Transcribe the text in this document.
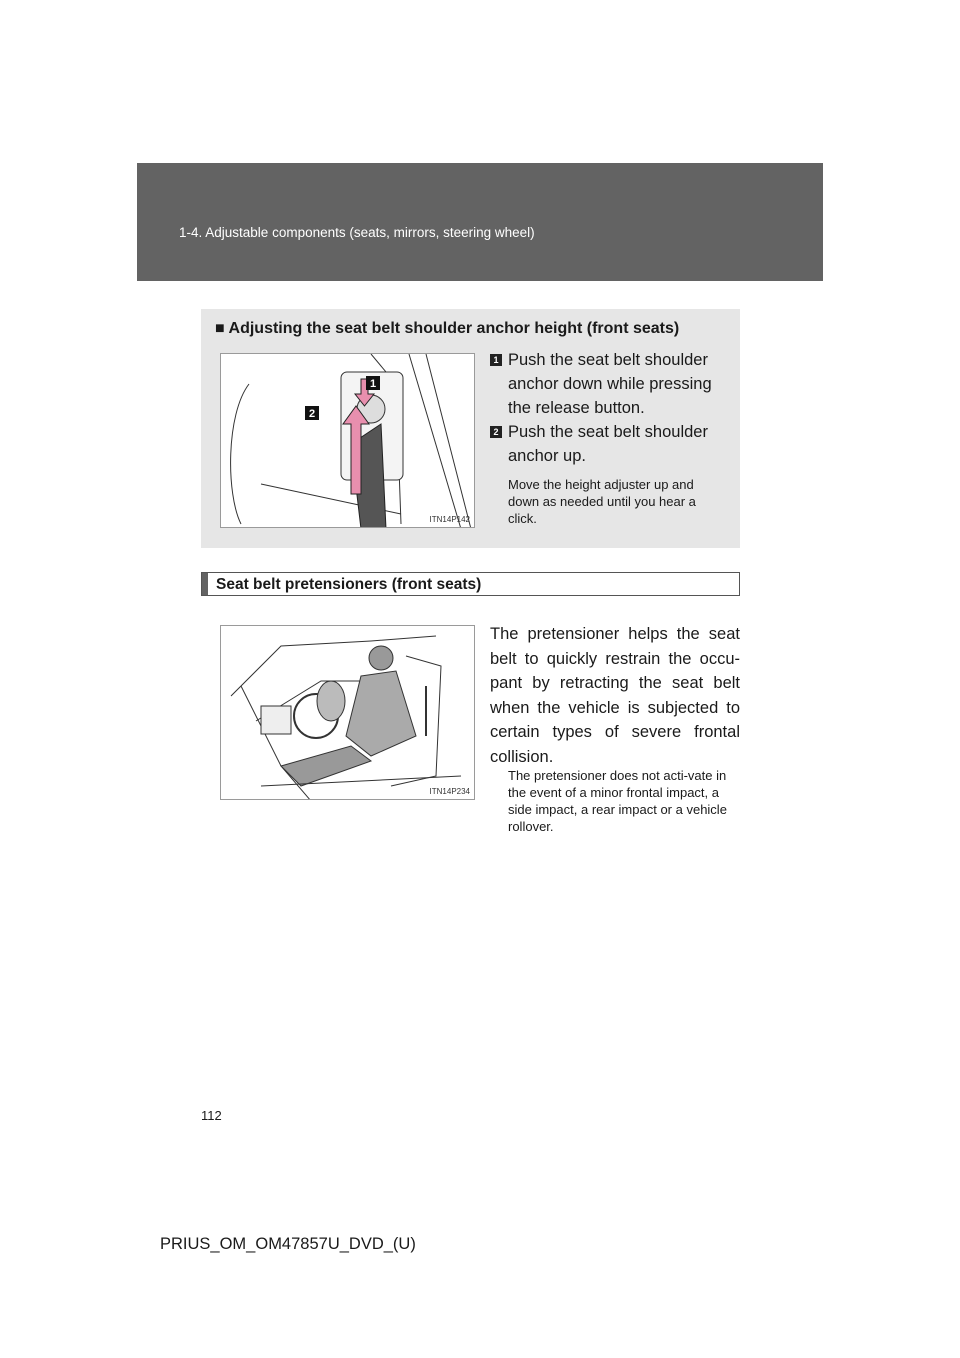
1-4. Adjustable components (seats, mirrors, steering wheel)
■ Adjusting the seat belt shoulder anchor height (front seats)
1
2
ITN14P142
1 Push the seat belt shoulder anchor down while pressing the release button.
2 Push the seat belt shoulder anchor up.
Move the height adjuster up and down as needed until you hear a click.
Seat belt pretensioners (front seats)
ITN14P234
The pretensioner helps the seat belt to quickly restrain the occu-pant by retracting the seat belt when the vehicle is subjected to certain types of severe frontal collision.
The pretensioner does not acti-vate in the event of a minor frontal impact, a side impact, a rear impact or a vehicle rollover.
112
PRIUS_OM_OM47857U_DVD_(U)
